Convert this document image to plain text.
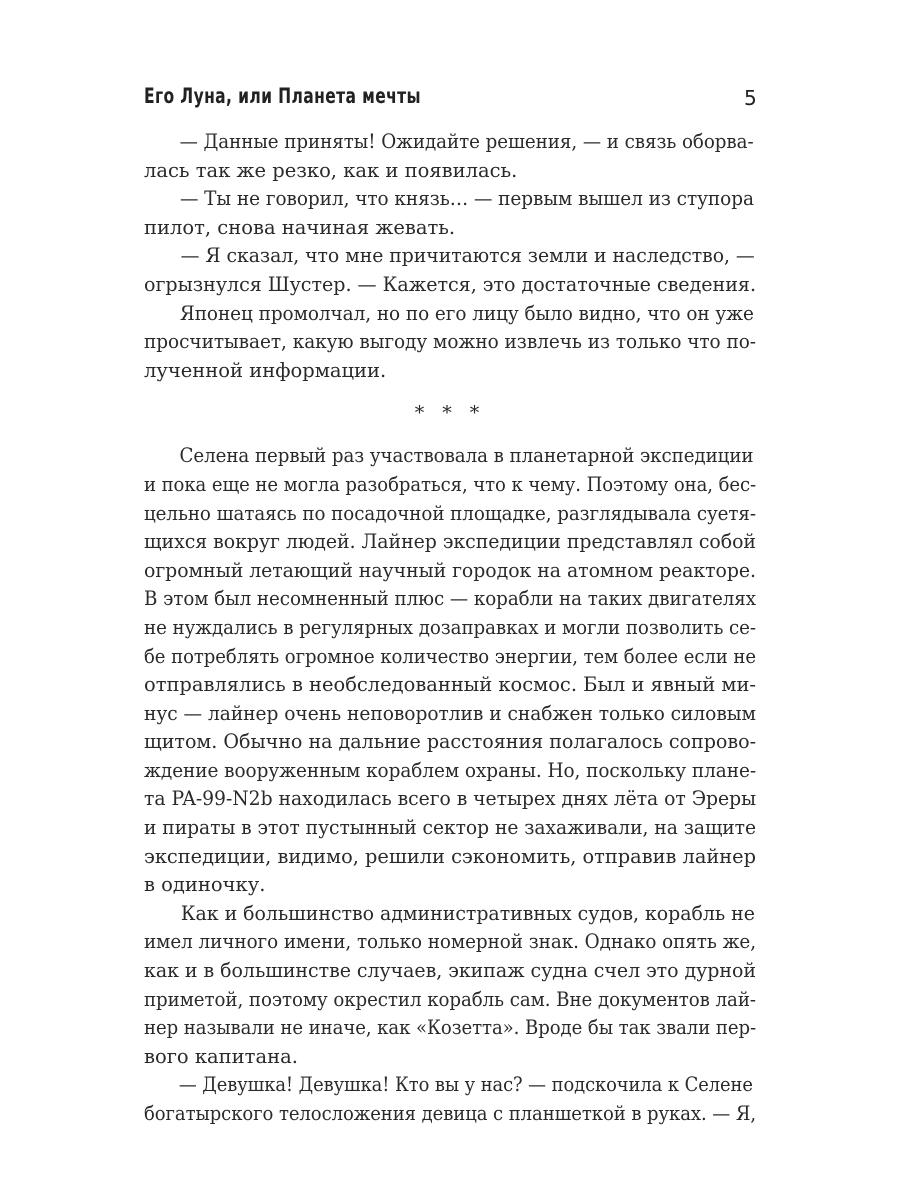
Его Луна, или Планета мечты	5

— Данные приняты! Ожидайте решения, — и связь оборва-
лась так же резко, как и появилась.

— Ты не говорил, что князь… — первым вышел из ступора
пилот, снова начиная жевать.

— Я сказал, что мне причитаются земли и наследство, —
огрызнулся Шустер. — Кажется, это достаточные сведения.

Японец промолчал, но по его лицу было видно, что он уже
просчитывает, какую выгоду можно извлечь из только что по-
лученной информации.

* * *

Селена первый раз участвовала в планетарной экспедиции
и пока еще не могла разобраться, что к чему. Поэтому она, бес-
цельно шатаясь по посадочной площадке, разглядывала суетя-
щихся вокруг людей. Лайнер экспедиции представлял собой
огромный летающий научный городок на атомном реакторе.
В этом был несомненный плюс — корабли на таких двигателях
не нуждались в регулярных дозаправках и могли позволить се-
бе потреблять огромное количество энергии, тем более если не
отправлялись в необследованный космос. Был и явный ми-
нус — лайнер очень неповоротлив и снабжен только силовым
щитом. Обычно на дальние расстояния полагалось сопрово-
ждение вооруженным кораблем охраны. Но, поскольку плане-
та PA-99-N2b находилась всего в четырех днях лёта от Эреры
и пираты в этот пустынный сектор не захаживали, на защите
экспедиции, видимо, решили сэкономить, отправив лайнер
в одиночку.

Как и большинство административных судов, корабль не
имел личного имени, только номерной знак. Однако опять же,
как и в большинстве случаев, экипаж судна счел это дурной
приметой, поэтому окрестил корабль сам. Вне документов лай-
нер называли не иначе, как «Козетта». Вроде бы так звали пер-
вого капитана.

— Девушка! Девушка! Кто вы у нас? — подскочила к Селене
богатырского телосложения девица с планшеткой в руках. — Я,
